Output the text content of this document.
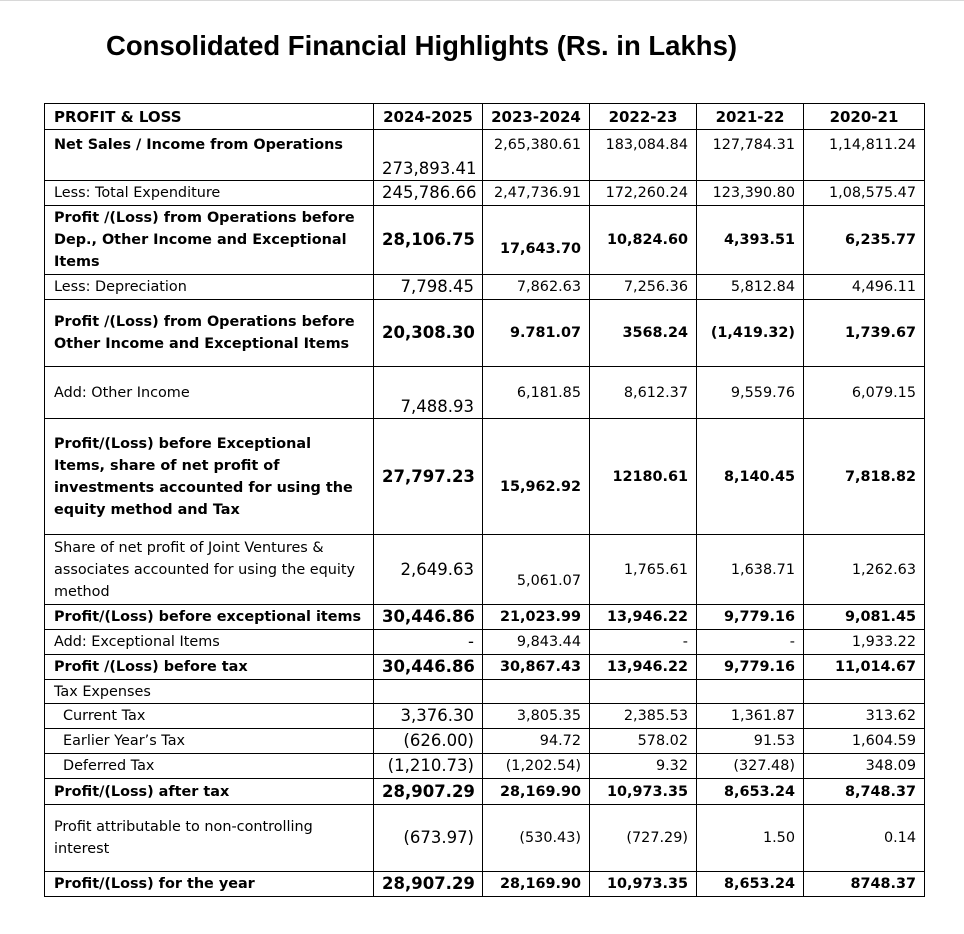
Consolidated Financial Highlights (Rs. in Lakhs)
PROFIT & LOSS	2024-2025	2023-2024	2022-23	2021-22	2020-21
Net Sales / Income from Operations	273,893.41	2,65,380.61	183,084.84	127,784.31	1,14,811.24
Less: Total Expenditure	245,786.66	2,47,736.91	172,260.24	123,390.80	1,08,575.47
Profit /(Loss) from Operations before Dep., Other Income and Exceptional Items	28,106.75	17,643.70	10,824.60	4,393.51	6,235.77
Less: Depreciation	7,798.45	7,862.63	7,256.36	5,812.84	4,496.11
Profit /(Loss) from Operations before Other Income and Exceptional Items	20,308.30	9.781.07	3568.24	(1,419.32)	1,739.67
Add: Other Income	7,488.93	6,181.85	8,612.37	9,559.76	6,079.15
Profit/(Loss) before Exceptional Items, share of net profit of investments accounted for using the equity method and Tax	27,797.23	15,962.92	12180.61	8,140.45	7,818.82
Share of net profit of Joint Ventures & associates accounted for using the equity method	2,649.63	5,061.07	1,765.61	1,638.71	1,262.63
Profit/(Loss) before exceptional items	30,446.86	21,023.99	13,946.22	9,779.16	9,081.45
Add: Exceptional Items	-	9,843.44	-	-	1,933.22
Profit /(Loss) before tax	30,446.86	30,867.43	13,946.22	9,779.16	11,014.67
Tax Expenses					
Current Tax	3,376.30	3,805.35	2,385.53	1,361.87	313.62
Earlier Year’s Tax	(626.00)	94.72	578.02	91.53	1,604.59
Deferred Tax	(1,210.73)	(1,202.54)	9.32	(327.48)	348.09
Profit/(Loss) after tax	28,907.29	28,169.90	10,973.35	8,653.24	8,748.37
Profit attributable to non-controlling interest	(673.97)	(530.43)	(727.29)	1.50	0.14
Profit/(Loss) for the year	28,907.29	28,169.90	10,973.35	8,653.24	8748.37
